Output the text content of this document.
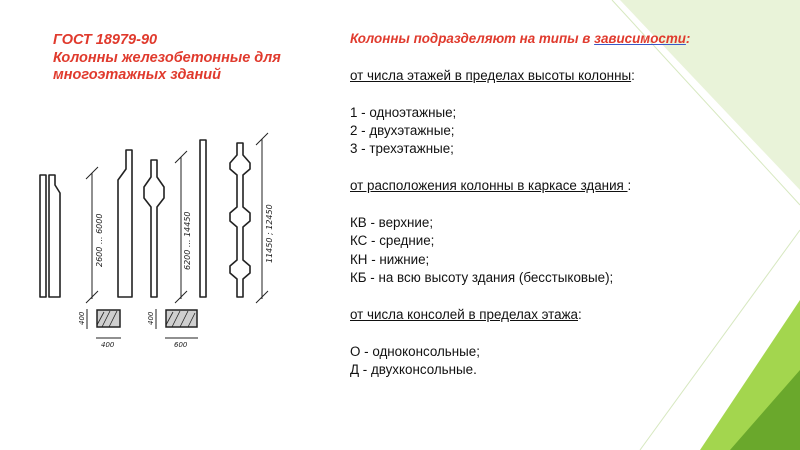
ГОСТ 18979-90
Колонны железобетонные для
многоэтажных зданий
2600 ... 6000	6200 ... 14450	11450 ; 12450
400
400
400
600
Колонны подразделяют на типы в зависимости:
от числа этажей в пределах высоты колонны:
1 - одноэтажные;
2 - двухэтажные;
3 - трехэтажные;
от расположения колонны в каркасе здания :
КВ - верхние;
КС - средние;
КН - нижние;
КБ - на всю высоту здания (бесстыковые);
от числа консолей в пределах этажа:
О - одноконсольные;
Д - двухконсольные.
